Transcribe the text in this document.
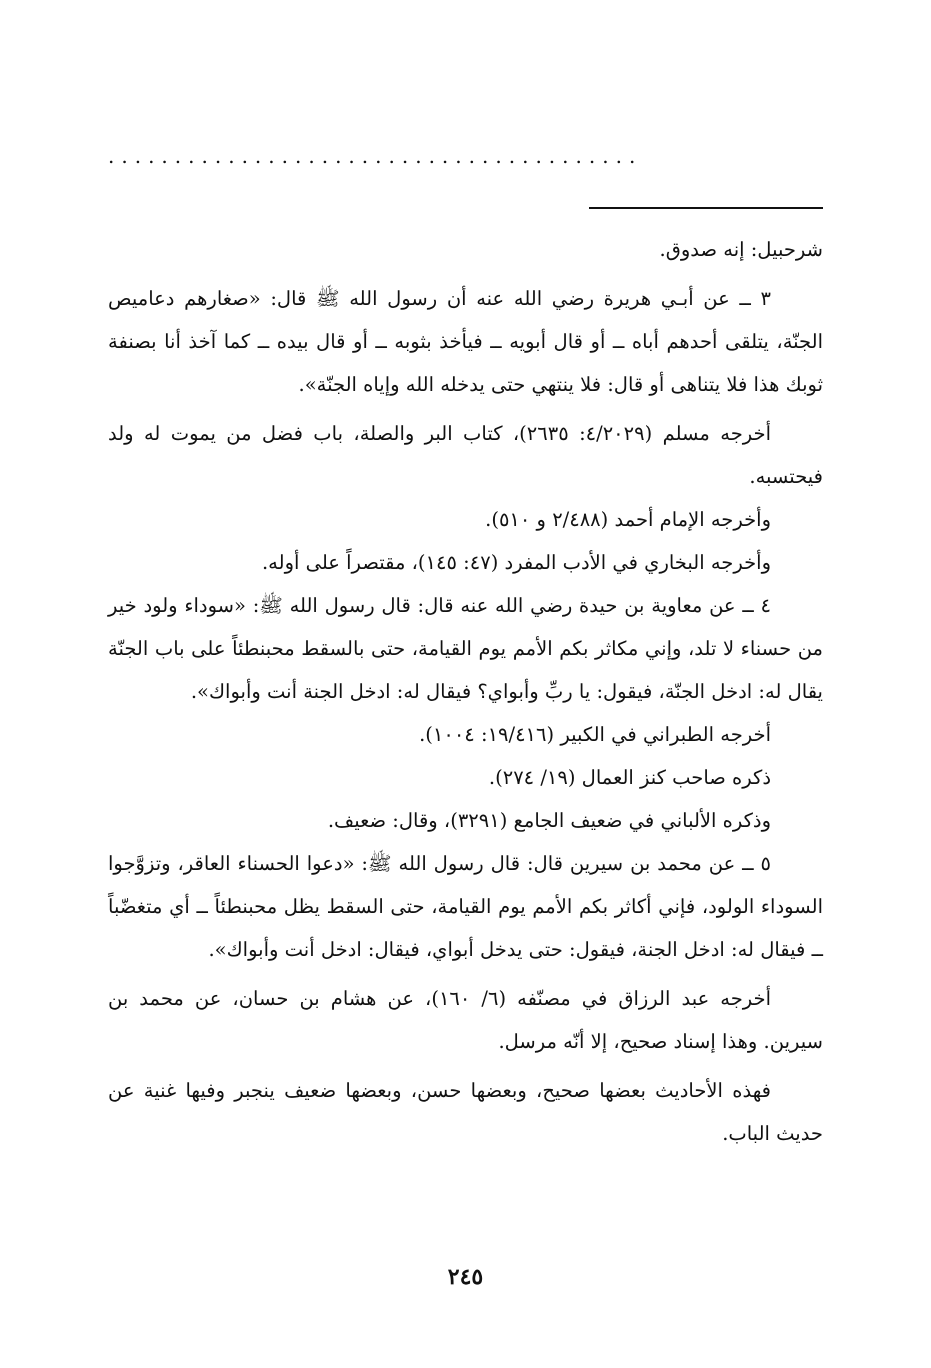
........................................

شرحبيل: إنه صدوق.

٣ ــ عن أبـي هريرة رضي الله عنه أن رسول الله ﷺ قال: «صغارهم دعاميص الجنّة، يتلقى أحدهم أباه ــ أو قال أبويه ــ فيأخذ بثوبه ــ أو قال بيده ــ كما آخذ أنا بصنفة ثوبك هذا فلا يتناهى أو قال: فلا ينتهي حتى يدخله الله وإياه الجنّة».

أخرجه مسلم (٤/٢٠٢٩: ٢٦٣٥)، كتاب البر والصلة، باب فضل من يموت له ولد فيحتسبه.

وأخرجه الإمام أحمد (٢/٤٨٨ و ٥١٠).

وأخرجه البخاري في الأدب المفرد (٤٧: ١٤٥)، مقتصراً على أوله.

٤ ــ عن معاوية بن حيدة رضي الله عنه قال: قال رسول الله ﷺ: «سوداء ولود خير من حسناء لا تلد، وإني مكاثر بكم الأمم يوم القيامة، حتى بالسقط محبنطئاً على باب الجنّة يقال له: ادخل الجنّة، فيقول: يا ربِّ وأبواي؟ فيقال له: ادخل الجنة أنت وأبواك».

أخرجه الطبراني في الكبير (١٩/٤١٦: ١٠٠٤).

ذكره صاحب كنز العمال (١٩/ ٢٧٤).

وذكره الألباني في ضعيف الجامع (٣٢٩١)، وقال: ضعيف.

٥ ــ عن محمد بن سيرين قال: قال رسول الله ﷺ: «دعوا الحسناء العاقر، وتزوَّجوا السوداء الولود، فإني أكاثر بكم الأمم يوم القيامة، حتى السقط يظل محبنطئاً ــ أي متغضّباً ــ فيقال له: ادخل الجنة، فيقول: حتى يدخل أبواي، فيقال: ادخل أنت وأبواك».

أخرجه عبد الرزاق في مصنّفه (٦/ ١٦٠)، عن هشام بن حسان، عن محمد بن سيرين. وهذا إسناد صحيح، إلا أنّه مرسل.

فهذه الأحاديث بعضها صحيح، وبعضها حسن، وبعضها ضعيف ينجبر وفيها غنية عن حديث الباب.

٢٤٥
